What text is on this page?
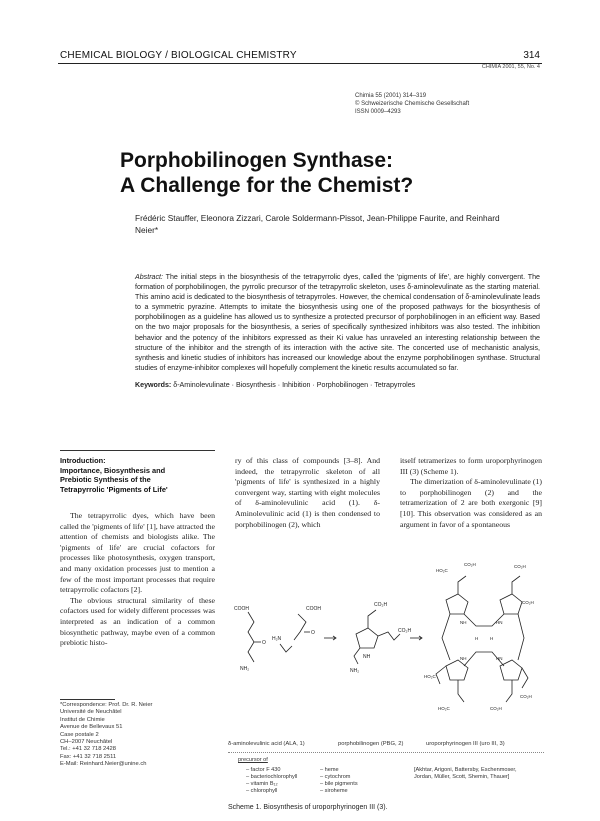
CHEMICAL BIOLOGY / BIOLOGICAL CHEMISTRY	314
CHIMIA 2001, 55, No. 4
Chimia 55 (2001) 314–319
© Schweizerische Chemische Gesellschaft
ISSN 0009–4293
Porphobilinogen Synthase:
A Challenge for the Chemist?
Frédéric Stauffer, Eleonora Zizzari, Carole Soldermann-Pissot, Jean-Philippe Faurite, and Reinhard Neier*
Abstract: The initial steps in the biosynthesis of the tetrapyrrolic dyes, called the 'pigments of life', are highly convergent. The formation of porphobilinogen, the pyrrolic precursor of the tetrapyrrolic skeleton, uses δ-aminolevulinate as the starting material. This amino acid is dedicated to the biosynthesis of tetrapyrroles. However, the chemical condensation of δ-aminolevulinate leads to a symmetric pyrazine. Attempts to imitate the biosynthesis using one of the proposed pathways for the biosynthesis of porphobilinogen as a guideline has allowed us to synthesize a protected precursor of porphobilinogen in an efficient way. Based on the two major proposals for the biosynthesis, a series of specifically synthesized inhibitors was also tested. The inhibition behavior and the potency of the inhibitors expressed as their Ki value has unraveled an interesting relationship between the structure of the inhibitor and the strength of its interaction with the active site. The concerted use of mechanistic analysis, synthesis and kinetic studies of inhibitors has increased our knowledge about the enzyme porphobilinogen synthase. Structural studies of enzyme-inhibitor complexes will hopefully complement the kinetic results accumulated so far.
Keywords: δ-Aminolevulinate · Biosynthesis · Inhibition · Porphobilinogen · Tetrapyrroles
Introduction:
Importance, Biosynthesis and
Prebiotic Synthesis of the
Tetrapyrrolic 'Pigments of Life'
The tetrapyrrolic dyes, which have been called the 'pigments of life' [1], have attracted the attention of chemists and biologists alike. The 'pigments of life' are crucial cofactors for processes like photosynthesis, oxygen transport, and many oxidation processes just to mention a few of the most important processes that require tetrapyrrolic cofactors [2].
The obvious structural similarity of these cofactors used for widely different processes was interpreted as an indication of a common biosynthetic pathway, maybe even of a common prebiotic histo-
ry of this class of compounds [3–8]. And indeed, the tetrapyrrolic skeleton of all 'pigments of life' is synthesized in a highly convergent way, starting with eight molecules of δ-aminolevulinic acid (1). δ-Aminolevulinic acid (1) is then condensed to porphobilinogen (2), which
itself tetramerizes to form uroporphyrinogen III (3) (Scheme 1).
The dimerization of δ-aminolevulinate (1) to porphobilinogen (2) and the tetramerization of 2 are both exergonic [9][10]. This observation was considered as an argument in favor of a spontaneous
*Correspondence: Prof. Dr. R. Neier
Université de Neuchâtel
Institut de Chimie
Avenue de Bellevaux 51
Case postale 2
CH–2007 Neuchâtel
Tel.: +41 32 718 2428
Fax: +41 32 718 2511
E-Mail: Reinhard.Neier@unine.ch
COOH
O
NH₂
COOH
H₂N
O
NH
CO₂H
CO₂H
NH₂
NH	HN
NH	HN
H	H
HO₂C
CO₂H	CO₂H
CO₂H
CO₂H
CO₂H
HO₂C
HO₂C
δ-aminolevulinic acid (ALA, 1)	porphobilinogen (PBG, 2)	uroporphyrinogen III (uro III, 3)
precursor of
– factor F 430
– bacteriochlorophyll
– vitamin B₁₂
– chlorophyll
– heme
– cytochrom
– bile pigments
– siroheme
[Akhtar, Arigoni, Battersby, Eschenmoser,
Jordan, Müller, Scott, Shemin, Thauer]
Scheme 1. Biosynthesis of uroporphyrinogen III (3).
